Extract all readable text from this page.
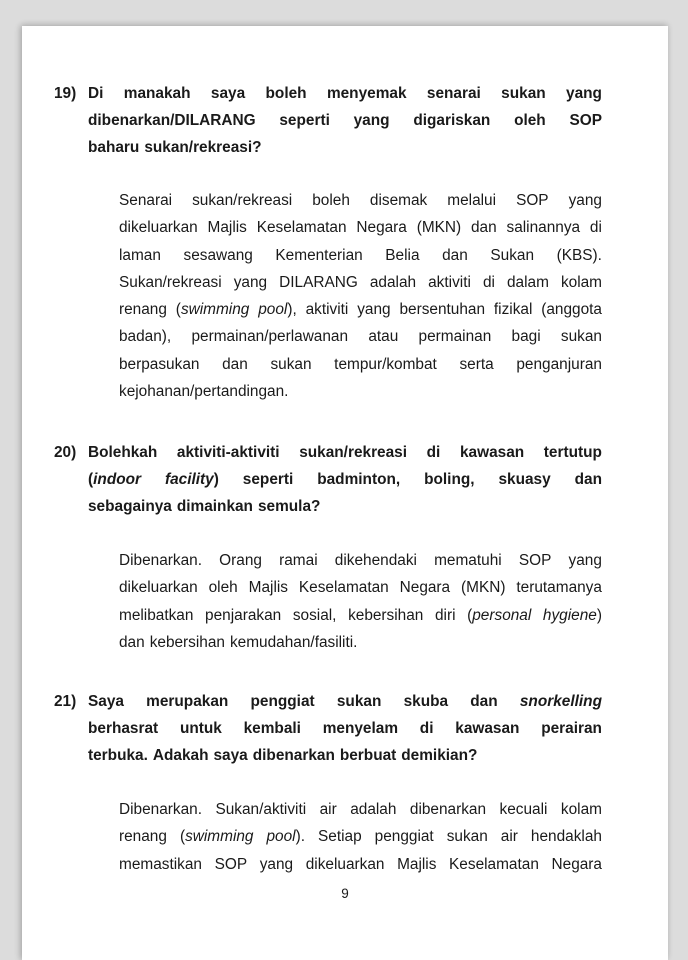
19) Di manakah saya boleh menyemak senarai sukan yang
dibenarkan/DILARANG seperti yang digariskan oleh SOP
baharu sukan/rekreasi?
Senarai sukan/rekreasi boleh disemak melalui SOP yang
dikeluarkan Majlis Keselamatan Negara (MKN) dan salinannya di
laman sesawang Kementerian Belia dan Sukan (KBS).
Sukan/rekreasi yang DILARANG adalah aktiviti di dalam kolam
renang (swimming pool), aktiviti yang bersentuhan fizikal (anggota
badan), permainan/perlawanan atau permainan bagi sukan
berpasukan dan sukan tempur/kombat serta penganjuran
kejohanan/pertandingan.
20) Bolehkah aktiviti-aktiviti sukan/rekreasi di kawasan tertutup
(indoor facility) seperti badminton, boling, skuasy dan
sebagainya dimainkan semula?
Dibenarkan. Orang ramai dikehendaki mematuhi SOP yang
dikeluarkan oleh Majlis Keselamatan Negara (MKN) terutamanya
melibatkan penjarakan sosial, kebersihan diri (personal hygiene)
dan kebersihan kemudahan/fasiliti.
21) Saya merupakan penggiat sukan skuba dan snorkelling
berhasrat untuk kembali menyelam di kawasan perairan
terbuka. Adakah saya dibenarkan berbuat demikian?
Dibenarkan. Sukan/aktiviti air adalah dibenarkan kecuali kolam
renang (swimming pool). Setiap penggiat sukan air hendaklah
memastikan SOP yang dikeluarkan Majlis Keselamatan Negara
9
